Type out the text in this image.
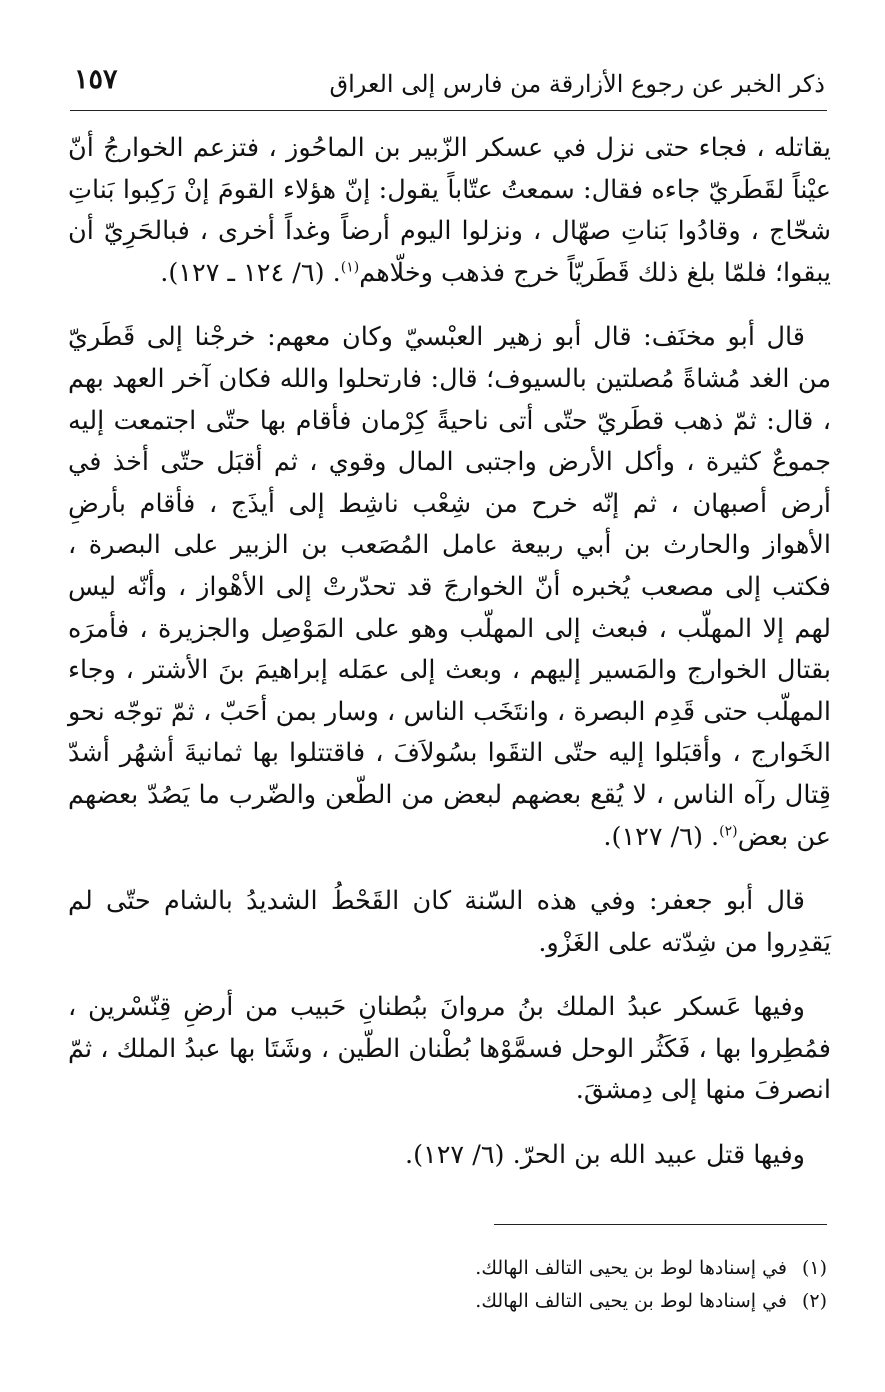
١٥٧	ذكر الخبر عن رجوع الأزارقة من فارس إلى العراق

يقاتله ، فجاء حتى نزل في عسكر الزّبير بن الماحُوز ، فتزعم الخوارجُ أنّ عيْناً لقَطَريّ جاءه فقال: سمعتُ عتّاباً يقول: إنّ هؤلاء القومَ إنْ رَكِبوا بَناتِ شحّاج ، وقادُوا بَناتِ صهّال ، ونزلوا اليوم أرضاً وغداً أخرى ، فبالحَرِيّ أن يبقوا؛ فلمّا بلغ ذلك قَطَريّاً خرج فذهب وخلّاهم$^{(١)}$. (٦/ ١٢٤ ـ ١٢٧).

قال أبو مخنَف: قال أبو زهير العبْسيّ وكان معهم: خرجْنا إلى قَطَريّ من الغد مُشاةً مُصلتين بالسيوف؛ قال: فارتحلوا والله فكان آخر العهد بهم ، قال: ثمّ ذهب قطَريّ حتّى أتى ناحيةً كِرْمان فأقام بها حتّى اجتمعت إليه جموعٌ كثيرة ، وأكل الأرض واجتبى المال وقوي ، ثم أقبَل حتّى أخذ في أرض أصبهان ، ثم إنّه خرح من شِعْب ناشِط إلى أيذَج ، فأقام بأرضِ الأهواز والحارث بن أبي ربيعة عامل المُصَعب بن الزبير على البصرة ، فكتب إلى مصعب يُخبره أنّ الخوارجَ قد تحدّرتْ إلى الأهْواز ، وأنّه ليس لهم إلا المهلّب ، فبعث إلى المهلّب وهو على المَوْصِل والجزيرة ، فأمرَه بقتال الخوارج والمَسير إليهم ، وبعث إلى عمَله إبراهيمَ بنَ الأشتر ، وجاء المهلّب حتى قَدِم البصرة ، وانتَخَب الناس ، وسار بمن أحَبّ ، ثمّ توجّه نحو الخَوارج ، وأقبَلوا إليه حتّى التقَوا بسُولاَفَ ، فاقتتلوا بها ثمانيةَ أشهُر أشدّ قِتال رآه الناس ، لا يُقع بعضهم لبعض من الطّعن والضّرب ما يَصُدّ بعضهم عن بعض$^{(٢)}$. (٦/ ١٢٧).

قال أبو جعفر: وفي هذه السّنة كان القَحْطُ الشديدُ بالشام حتّى لم يَقدِروا من شِدّته على الغَزْو.

وفيها عَسكر عبدُ الملك بنُ مروانَ ببُطنانِ حَبيب من أرضِ قِنّسْرين ، فمُطِروا بها ، فَكَثُر الوحل فسمَّوْها بُطْنان الطّين ، وشَتَا بها عبدُ الملك ، ثمّ انصرفَ منها إلى دِمشقَ.

وفيها قتل عبيد الله بن الحرّ. (٦/ ١٢٧).

(١)في إسنادها لوط بن يحيى التالف الهالك.

(٢)في إسنادها لوط بن يحيى التالف الهالك.
